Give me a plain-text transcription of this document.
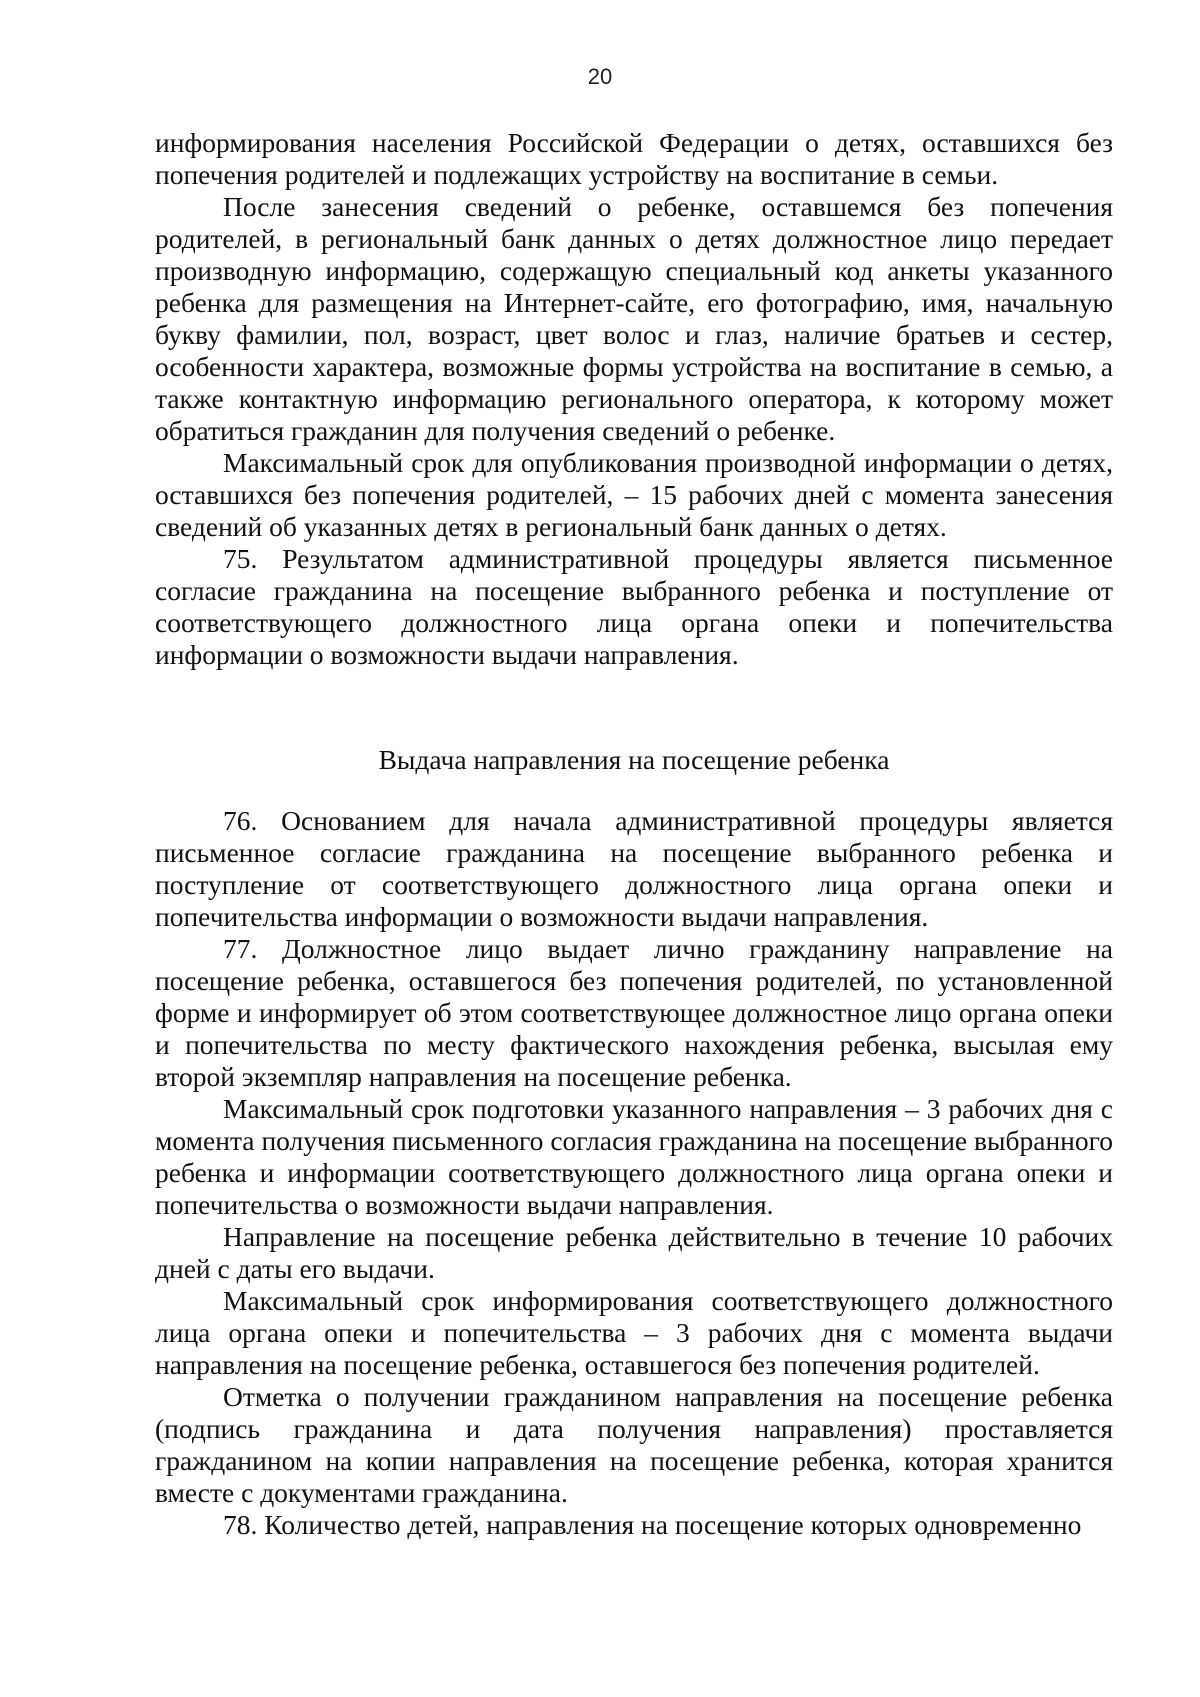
20

информирования населения Российской Федерации о детях, оставшихся без попечения родителей и подлежащих устройству на воспитание в семьи.

После занесения сведений о ребенке, оставшемся без попечения родителей, в региональный банк данных о детях должностное лицо передает производную информацию, содержащую специальный код анкеты указанного ребенка для размещения на Интернет-сайте, его фотографию, имя, начальную букву фамилии, пол, возраст, цвет волос и глаз, наличие братьев и сестер, особенности характера, возможные формы устройства на воспитание в семью, а также контактную информацию регионального оператора, к которому может обратиться гражданин для получения сведений о ребенке.

Максимальный срок для опубликования производной информации о детях, оставшихся без попечения родителей, – 15 рабочих дней с момента занесения сведений об указанных детях в региональный банк данных о детях.

75. Результатом административной процедуры является письменное согласие гражданина на посещение выбранного ребенка и поступление от соответствующего должностного лица органа опеки и попечительства информации о возможности выдачи направления.

Выдача направления на посещение ребенка

76. Основанием для начала административной процедуры является письменное согласие гражданина на посещение выбранного ребенка и поступление от соответствующего должностного лица органа опеки и попечительства информации о возможности выдачи направления.

77. Должностное лицо выдает лично гражданину направление на посещение ребенка, оставшегося без попечения родителей, по установленной форме и информирует об этом соответствующее должностное лицо органа опеки и попечительства по месту фактического нахождения ребенка, высылая ему второй экземпляр направления на посещение ребенка.

Максимальный срок подготовки указанного направления – 3 рабочих дня с момента получения письменного согласия гражданина на посещение выбранного ребенка и информации соответствующего должностного лица органа опеки и попечительства о возможности выдачи направления.

Направление на посещение ребенка действительно в течение 10 рабочих дней с даты его выдачи.

Максимальный срок информирования соответствующего должностного лица органа опеки и попечительства – 3 рабочих дня с момента выдачи направления на посещение ребенка, оставшегося без попечения родителей.

Отметка о получении гражданином направления на посещение ребенка (подпись гражданина и дата получения направления) проставляется гражданином на копии направления на посещение ребенка, которая хранится вместе с документами гражданина.

78. Количество детей, направления на посещение которых одновременно
